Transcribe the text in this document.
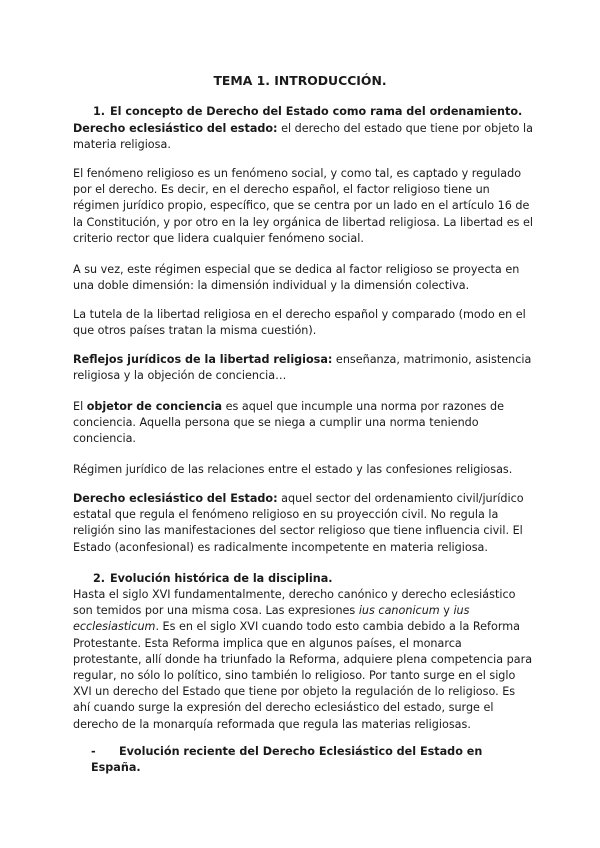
TEMA 1. INTRODUCCIÓN.

1. El concepto de Derecho del Estado como rama del ordenamiento.

Derecho eclesiástico del estado: el derecho del estado que tiene por objeto la materia religiosa.

El fenómeno religioso es un fenómeno social, y como tal, es captado y regulado por el derecho. Es decir, en el derecho español, el factor religioso tiene un régimen jurídico propio, específico, que se centra por un lado en el artículo 16 de la Constitución, y por otro en la ley orgánica de libertad religiosa. La libertad es el criterio rector que lidera cualquier fenómeno social.

A su vez, este régimen especial que se dedica al factor religioso se proyecta en una doble dimensión: la dimensión individual y la dimensión colectiva.

La tutela de la libertad religiosa en el derecho español y comparado (modo en el que otros países tratan la misma cuestión).

Reflejos jurídicos de la libertad religiosa: enseñanza, matrimonio, asistencia religiosa y la objeción de conciencia…

El objetor de conciencia es aquel que incumple una norma por razones de conciencia. Aquella persona que se niega a cumplir una norma teniendo conciencia.

Régimen jurídico de las relaciones entre el estado y las confesiones religiosas.

Derecho eclesiástico del Estado: aquel sector del ordenamiento civil/jurídico estatal que regula el fenómeno religioso en su proyección civil. No regula la religión sino las manifestaciones del sector religioso que tiene influencia civil. El Estado (aconfesional) es radicalmente incompetente en materia religiosa.

2. Evolución histórica de la disciplina.

Hasta el siglo XVI fundamentalmente, derecho canónico y derecho eclesiástico son temidos por una misma cosa. Las expresiones ius canonicum y ius ecclesiasticum. Es en el siglo XVI cuando todo esto cambia debido a la Reforma Protestante. Esta Reforma implica que en algunos países, el monarca protestante, allí donde ha triunfado la Reforma, adquiere plena competencia para regular, no sólo lo político, sino también lo religioso. Por tanto surge en el siglo XVI un derecho del Estado que tiene por objeto la regulación de lo religioso. Es ahí cuando surge la expresión del derecho eclesiástico del estado, surge el derecho de la monarquía reformada que regula las materias religiosas.

- Evolución reciente del Derecho Eclesiástico del Estado en España.
